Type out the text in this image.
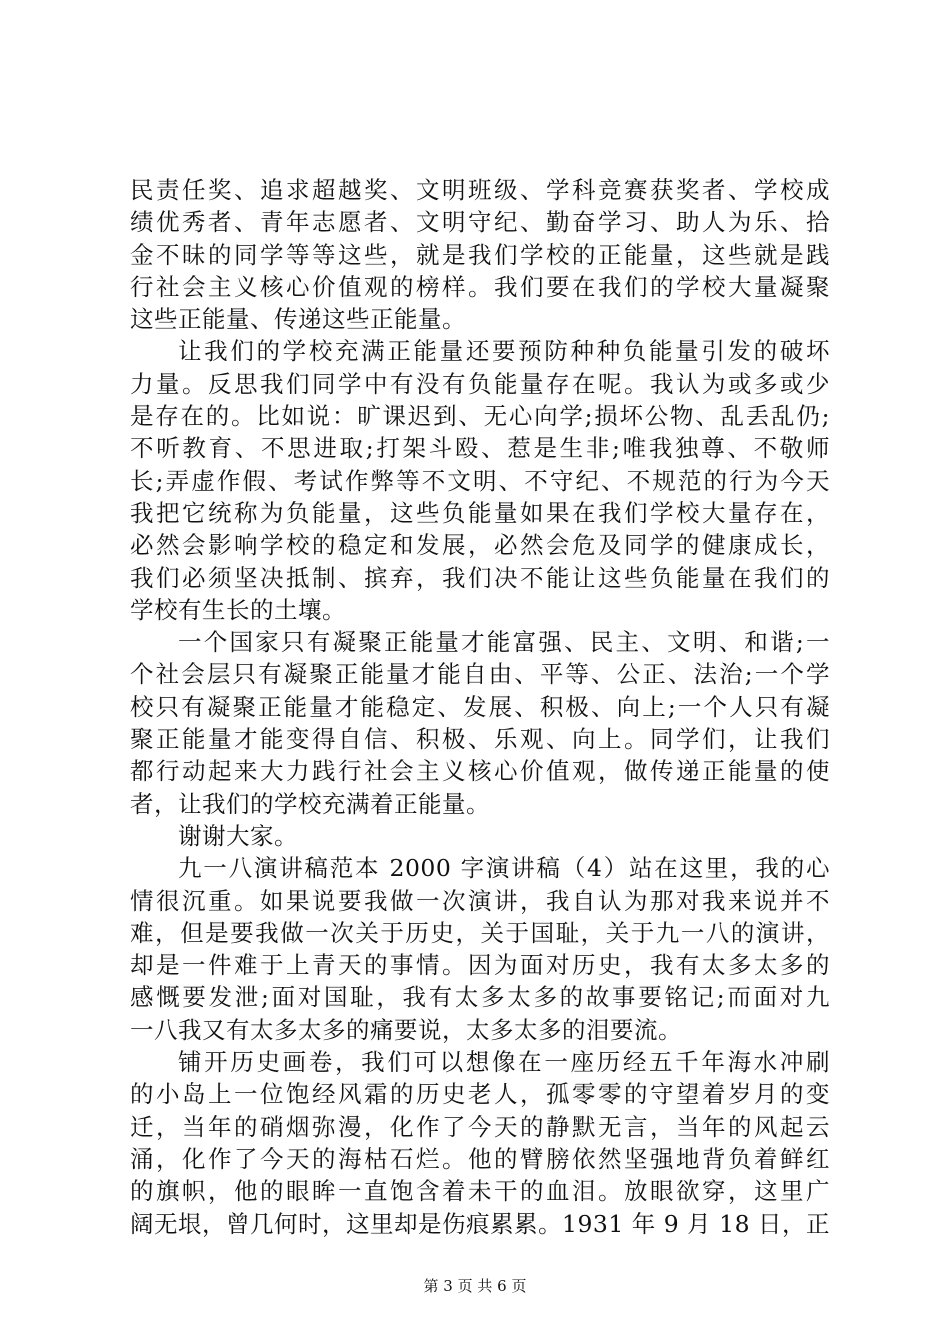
民责任奖、追求超越奖、文明班级、学科竞赛获奖者、学校成
绩优秀者、青年志愿者、文明守纪、勤奋学习、助人为乐、拾
金不昧的同学等等这些，就是我们学校的正能量，这些就是践
行社会主义核心价值观的榜样。我们要在我们的学校大量凝聚
这些正能量、传递这些正能量。
让我们的学校充满正能量还要预防种种负能量引发的破坏
力量。反思我们同学中有没有负能量存在呢。我认为或多或少
是存在的。比如说：旷课迟到、无心向学;损坏公物、乱丢乱仍;
不听教育、不思进取;打架斗殴、惹是生非;唯我独尊、不敬师
长;弄虚作假、考试作弊等不文明、不守纪、不规范的行为今天
我把它统称为负能量，这些负能量如果在我们学校大量存在，
必然会影响学校的稳定和发展，必然会危及同学的健康成长，
我们必须坚决抵制、摈弃，我们决不能让这些负能量在我们的
学校有生长的土壤。
一个国家只有凝聚正能量才能富强、民主、文明、和谐;一
个社会层只有凝聚正能量才能自由、平等、公正、法治;一个学
校只有凝聚正能量才能稳定、发展、积极、向上;一个人只有凝
聚正能量才能变得自信、积极、乐观、向上。同学们，让我们
都行动起来大力践行社会主义核心价值观，做传递正能量的使
者，让我们的学校充满着正能量。
谢谢大家。
九一八演讲稿范本 2000 字演讲稿（4）站在这里，我的心
情很沉重。如果说要我做一次演讲，我自认为那对我来说并不
难，但是要我做一次关于历史，关于国耻，关于九一八的演讲，
却是一件难于上青天的事情。因为面对历史，我有太多太多的
感慨要发泄;面对国耻，我有太多太多的故事要铭记;而面对九
一八我又有太多太多的痛要说，太多太多的泪要流。
铺开历史画卷，我们可以想像在一座历经五千年海水冲刷
的小岛上一位饱经风霜的历史老人，孤零零的守望着岁月的变
迁，当年的硝烟弥漫，化作了今天的静默无言，当年的风起云
涌，化作了今天的海枯石烂。他的臂膀依然坚强地背负着鲜红
的旗帜，他的眼眸一直饱含着未干的血泪。放眼欲穿，这里广
阔无垠，曾几何时，这里却是伤痕累累。1931 年 9 月 18 日，正
第 3 页 共 6 页
